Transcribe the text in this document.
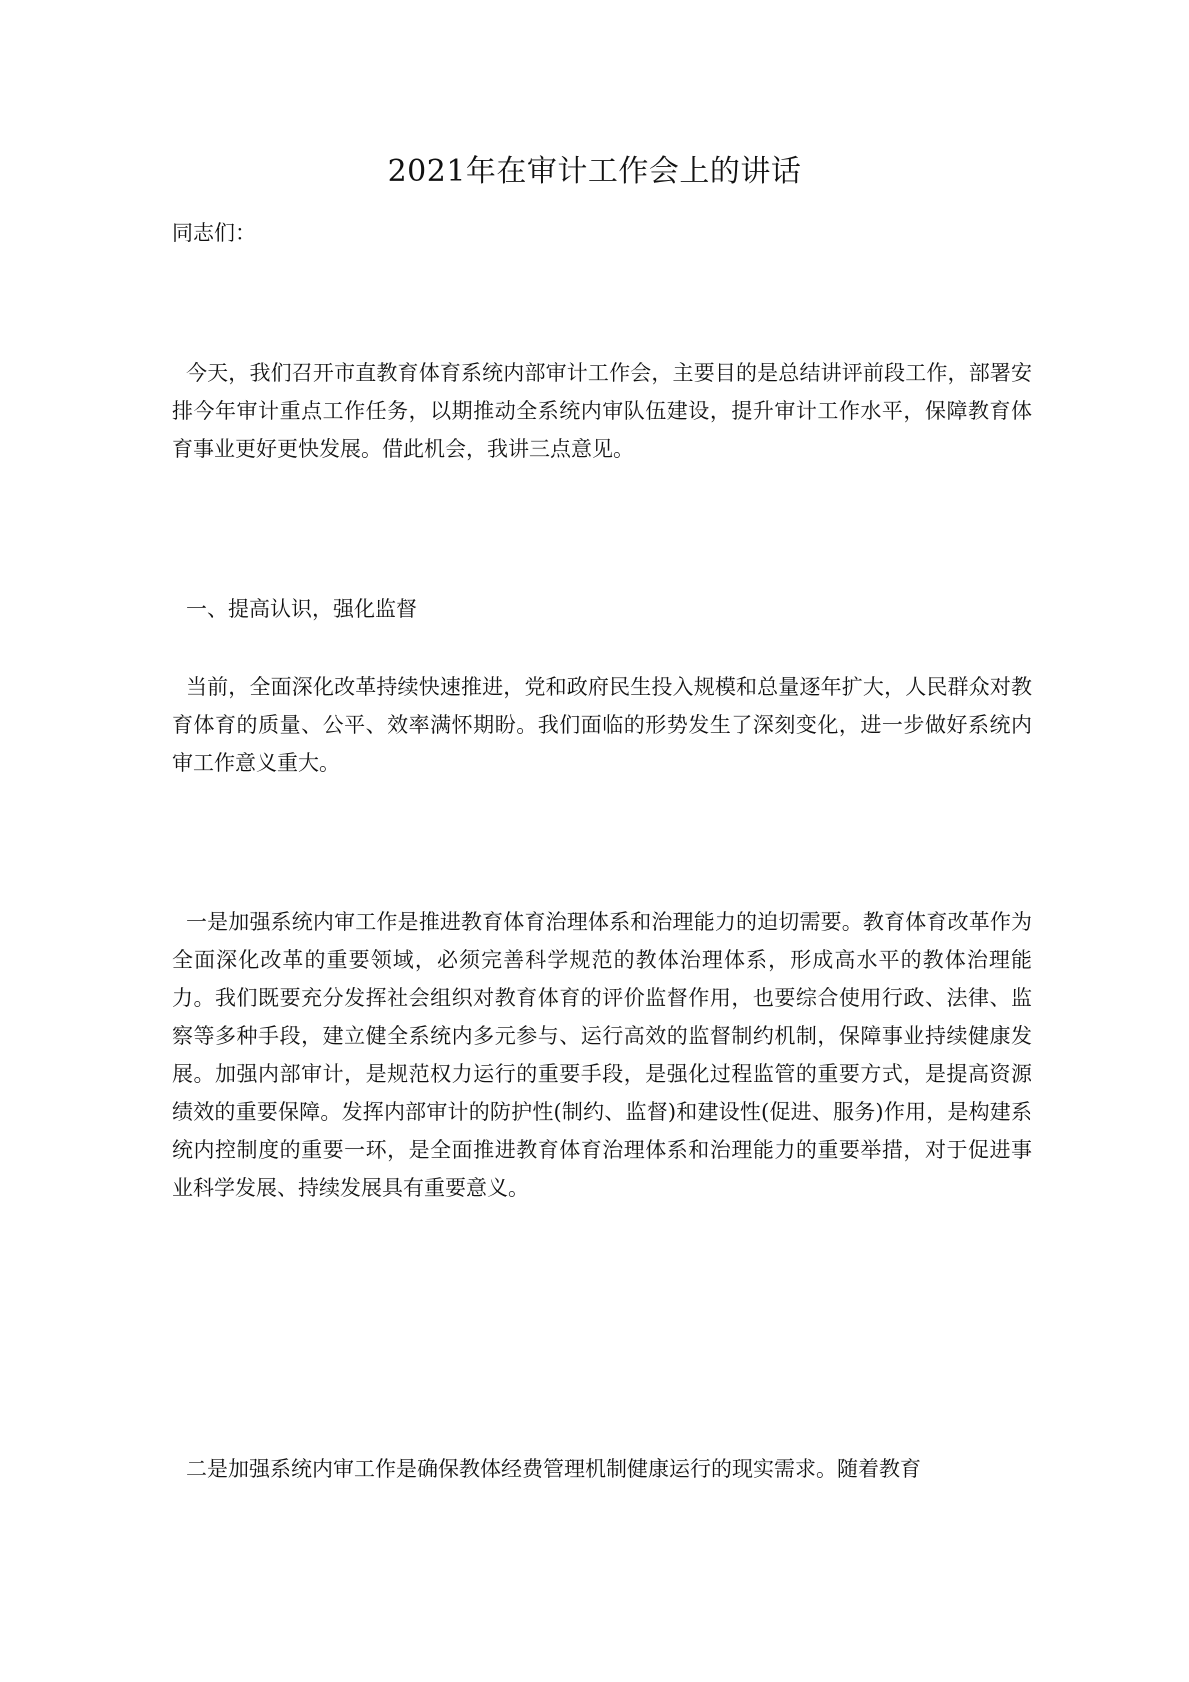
2021年在审计工作会上的讲话

同志们：

今天，我们召开市直教育体育系统内部审计工作会，主要目的是总结讲评前段工作，部署安排今年审计重点工作任务，以期推动全系统内审队伍建设，提升审计工作水平，保障教育体育事业更好更快发展。借此机会，我讲三点意见。

一、提高认识，强化监督

当前，全面深化改革持续快速推进，党和政府民生投入规模和总量逐年扩大，人民群众对教育体育的质量、公平、效率满怀期盼。我们面临的形势发生了深刻变化，进一步做好系统内审工作意义重大。

一是加强系统内审工作是推进教育体育治理体系和治理能力的迫切需要。教育体育改革作为全面深化改革的重要领域，必须完善科学规范的教体治理体系，形成高水平的教体治理能力。我们既要充分发挥社会组织对教育体育的评价监督作用，也要综合使用行政、法律、监察等多种手段，建立健全系统内多元参与、运行高效的监督制约机制，保障事业持续健康发展。加强内部审计，是规范权力运行的重要手段，是强化过程监管的重要方式，是提高资源绩效的重要保障。发挥内部审计的防护性(制约、监督)和建设性(促进、服务)作用，是构建系统内控制度的重要一环，是全面推进教育体育治理体系和治理能力的重要举措，对于促进事业科学发展、持续发展具有重要意义。

二是加强系统内审工作是确保教体经费管理机制健康运行的现实需求。随着教育
